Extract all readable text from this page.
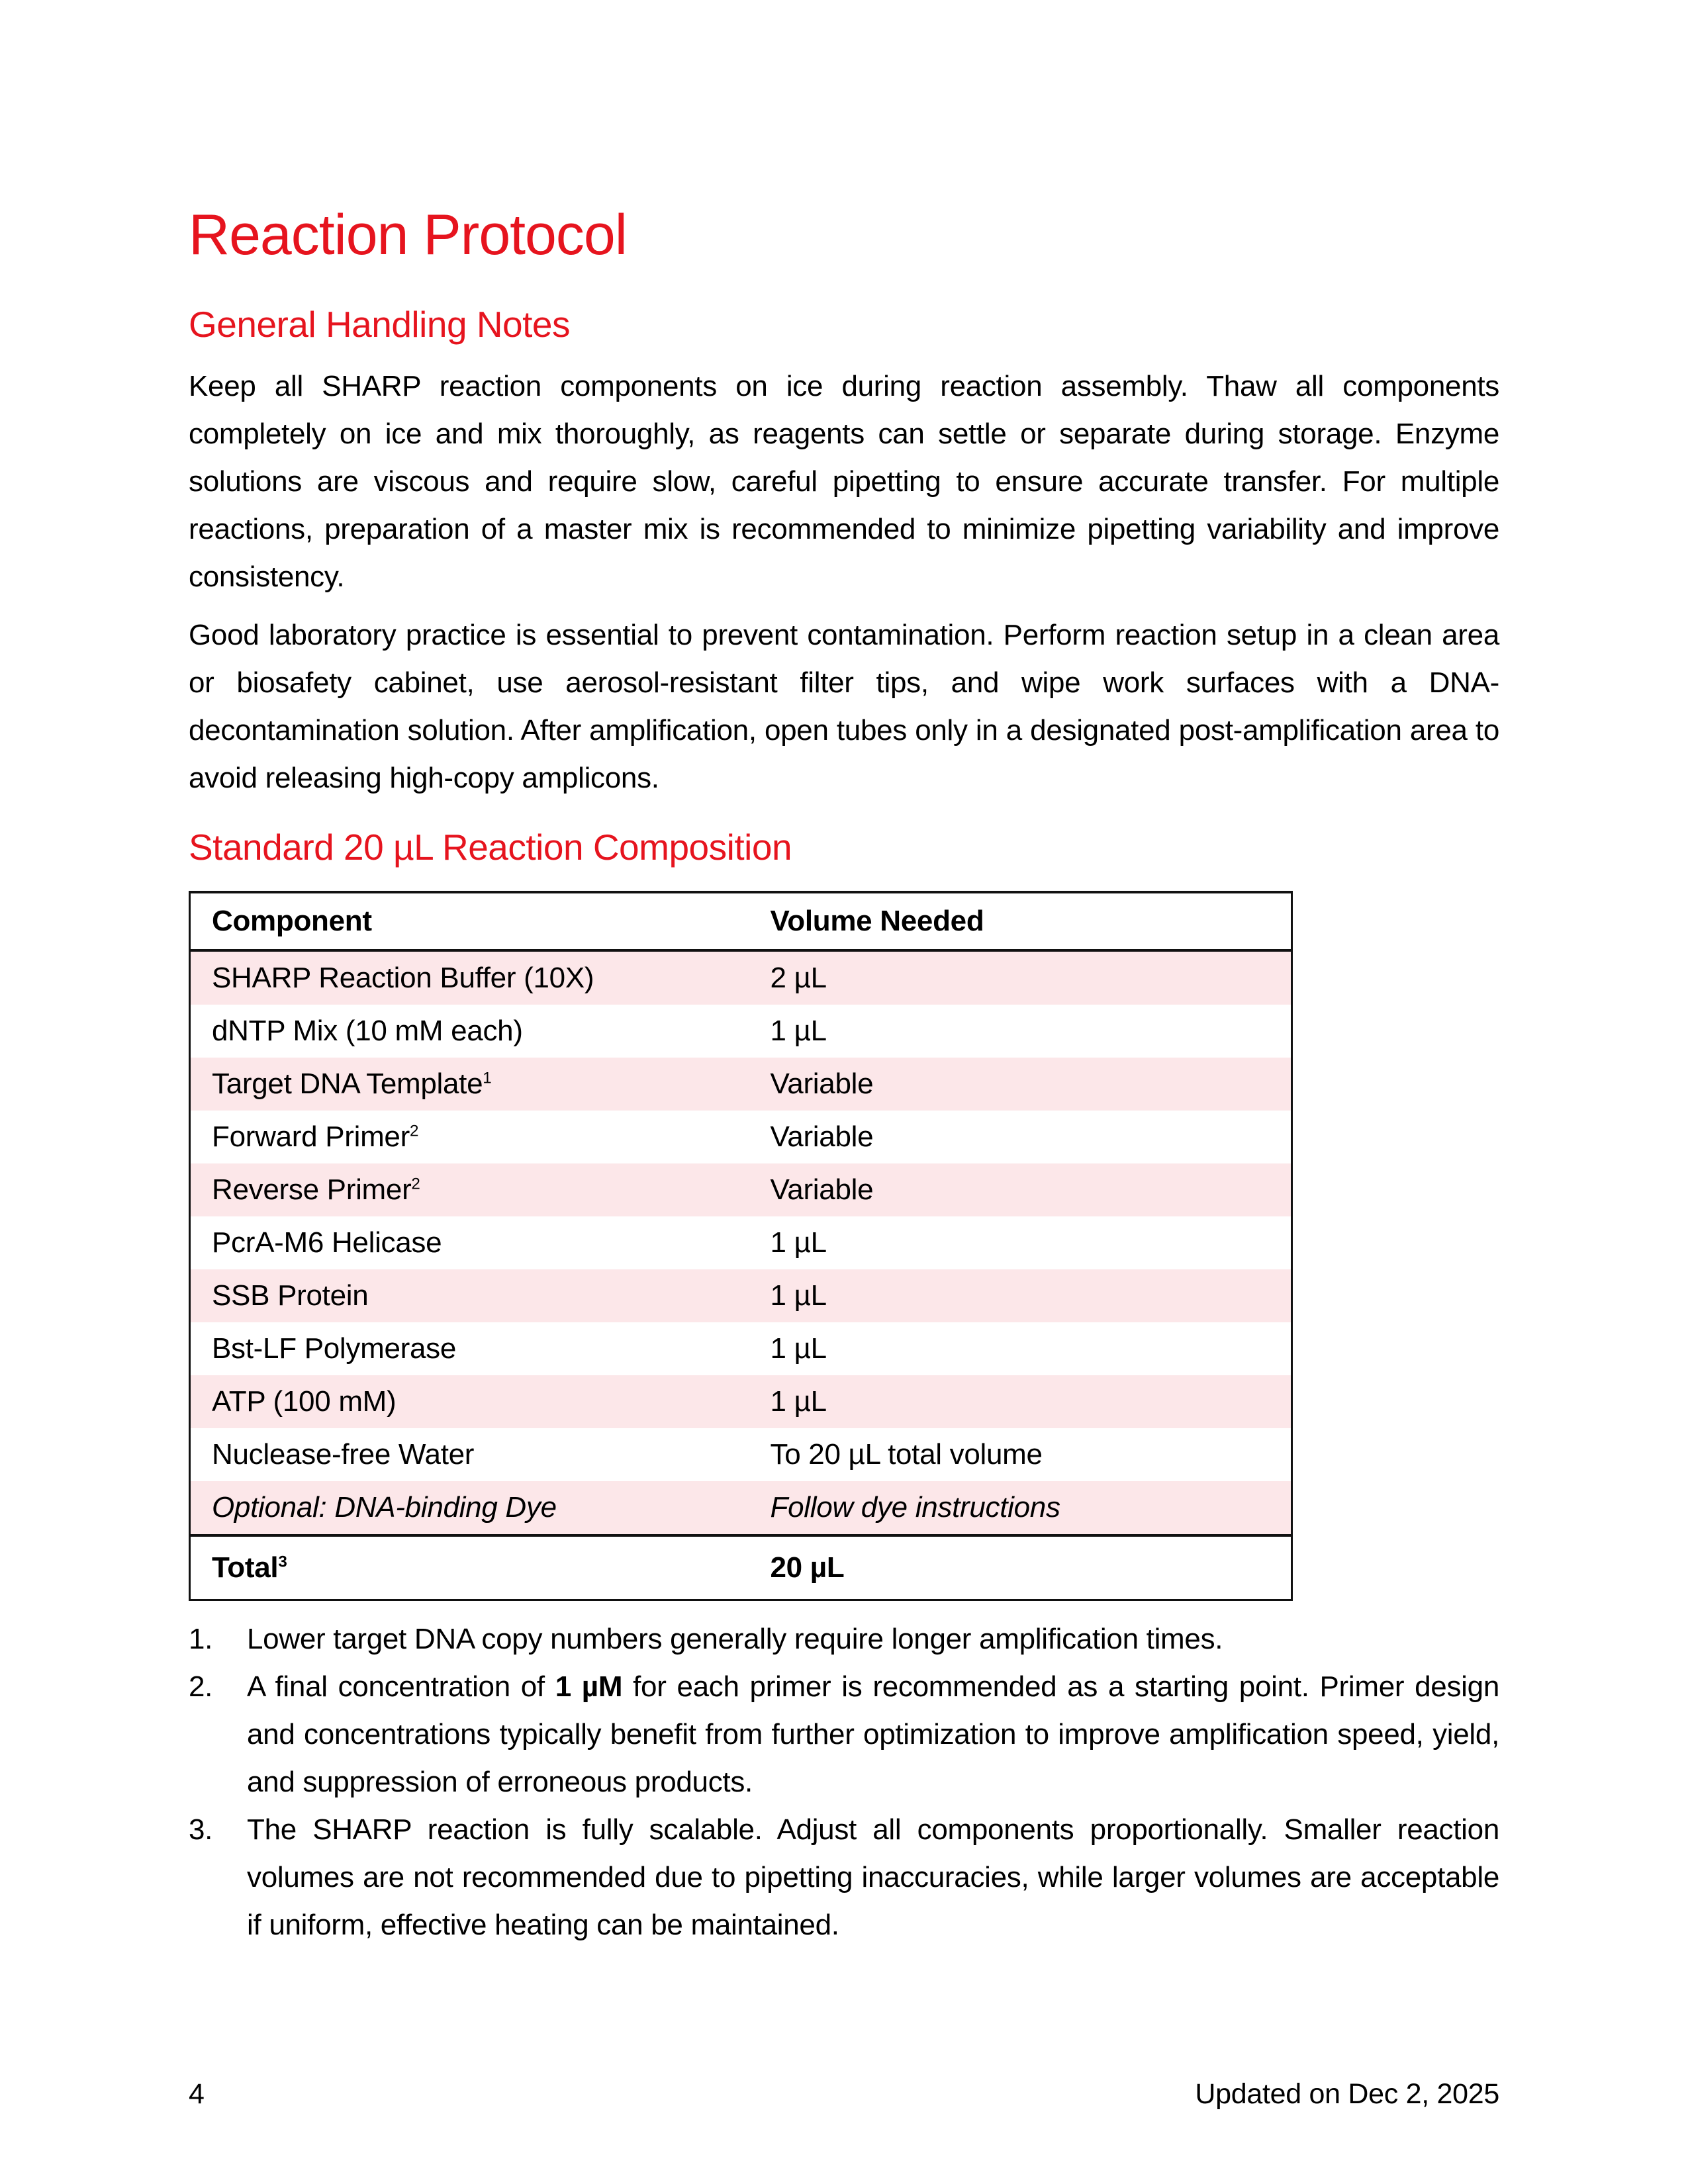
Reaction Protocol
General Handling Notes

Keep all SHARP reaction components on ice during reaction assembly. Thaw all components completely on ice and mix thoroughly, as reagents can settle or separate during storage. Enzyme solutions are viscous and require slow, careful pipetting to ensure accurate transfer. For multiple reactions, preparation of a master mix is recommended to minimize pipetting variability and improve consistency.

Good laboratory practice is essential to prevent contamination. Perform reaction setup in a clean area or biosafety cabinet, use aerosol-resistant filter tips, and wipe work surfaces with a DNA-decontamination solution. After amplification, open tubes only in a designated post-amplification area to avoid releasing high-copy amplicons.

Standard 20 µL Reaction Composition
Component	Volume Needed
SHARP Reaction Buffer (10X)	2 µL
dNTP Mix (10 mM each)	1 µL
Target DNA Template$^1$	Variable
Forward Primer$^2$	Variable
Reverse Primer$^2$	Variable
PcrA-M6 Helicase	1 µL
SSB Protein	1 µL
Bst-LF Polymerase	1 µL
ATP (100 mM)	1 µL
Nuclease-free Water	To 20 µL total volume
Optional: DNA-binding Dye	Follow dye instructions
Total$^3$	20 µL
1.	Lower target DNA copy numbers generally require longer amplification times.
2.	A final concentration of 1 µM for each primer is recommended as a starting point. Primer design and concentrations typically benefit from further optimization to improve amplification speed, yield, and suppression of erroneous products.
3.	The SHARP reaction is fully scalable. Adjust all components proportionally. Smaller reaction volumes are not recommended due to pipetting inaccuracies, while larger volumes are acceptable if uniform, effective heating can be maintained.
4	Updated on Dec 2, 2025
